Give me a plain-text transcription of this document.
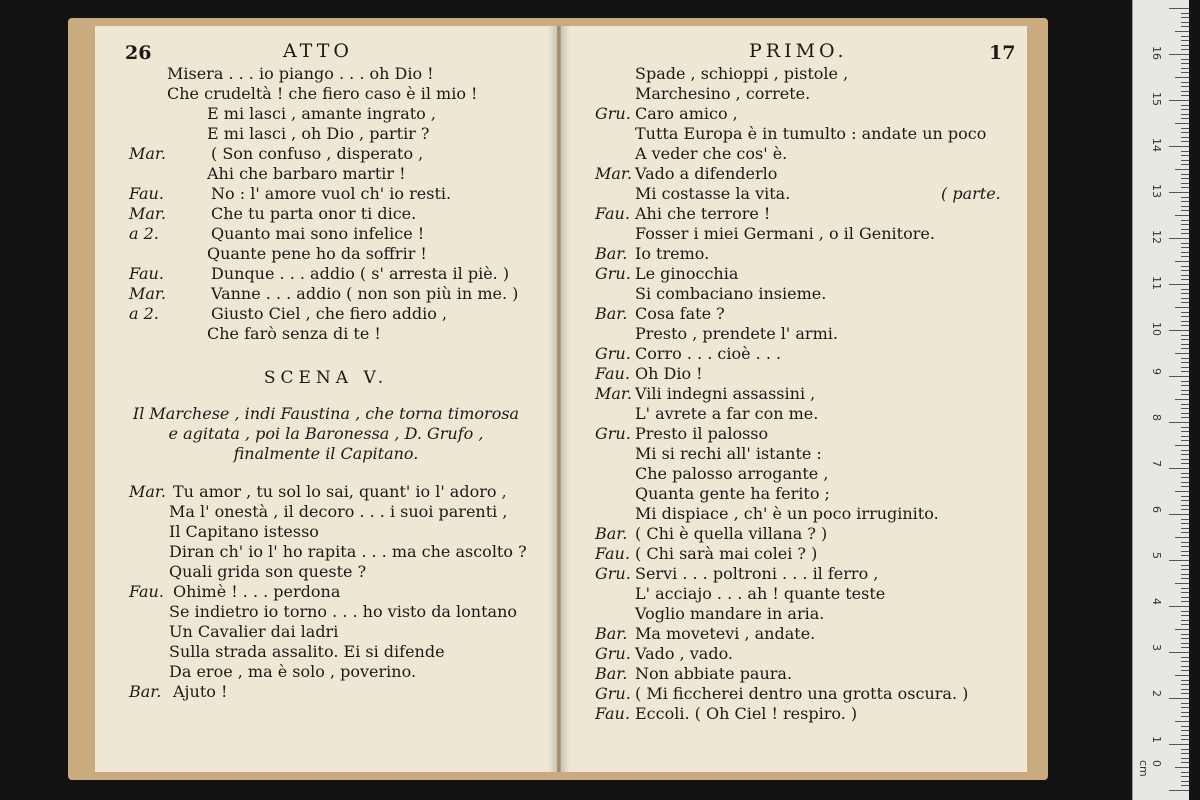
26	ATTO
Misera . . . io piango . . . oh Dio !
Che crudeltà ! che fiero caso è il mio !
E mi lasci , amante ingrato ,
E mi lasci , oh Dio , partir ?
Mar.	( Son confuso , disperato ,
Ahi che barbaro martir !
Fau.	No : l' amore vuol ch' io resti.
Mar.	Che tu parta onor ti dice.
a 2.	Quanto mai sono infelice !
Quante pene ho da soffrir !
Fau.	Dunque . . . addio ( s' arresta il piè. )
Mar.	Vanne . . . addio ( non son più in me. )
a 2.	Giusto Ciel , che fiero addio ,
Che farò senza di te !
SCENA V.
Il Marchese , indi Faustina , che torna timorosa
e agitata , poi la Baronessa , D. Grufo ,
finalmente il Capitano.
Mar. Tu amor , tu sol lo sai, quant' io l' adoro ,
Ma l' onestà , il decoro . . . i suoi parenti ,
Il Capitano istesso
Diran ch' io l' ho rapita . . . ma che ascolto ?
Quali grida son queste ?
Fau. Ohimè ! . . . perdona
Se indietro io torno . . . ho visto da lontano
Un Cavalier dai ladri
Sulla strada assalito. Ei si difende
Da eroe , ma è solo , poverino.
Bar. Ajuto !
PRIMO.	17
Spade , schioppi , pistole ,
Marchesino , correte.
Gru. Caro amico ,
Tutta Europa è in tumulto : andate un poco
A veder che cos' è.
Mar. Vado a difenderlo
Mi costasse la vita.	( parte.
Fau. Ahi che terrore !
Fosser i miei Germani , o il Genitore.
Bar. Io tremo.
Gru. Le ginocchia
Si combaciano insieme.
Bar. Cosa fate ?
Presto , prendete l' armi.
Gru. Corro . . . cioè . . .
Fau. Oh Dio !
Mar. Vili indegni assassini ,
L' avrete a far con me.
Gru. Presto il palosso
Mi si rechi all' istante :
Che palosso arrogante ,
Quanta gente ha ferito ;
Mi dispiace , ch' è un poco irruginito.
Bar. ( Chi è quella villana ? )
Fau. ( Chi sarà mai colei ? )
Gru. Servi . . . poltroni . . . il ferro ,
L' acciajo . . . ah ! quante teste
Voglio mandare in aria.
Bar. Ma movetevi , andate.
Gru. Vado , vado.
Bar. Non abbiate paura.
Gru. ( Mi ficcherei dentro una grotta oscura. )
Fau. Eccoli. ( Oh Ciel ! respiro. )
0 cm
1
2
3
4
5
6
7
8
9
10
11
12
13
14
15
16
